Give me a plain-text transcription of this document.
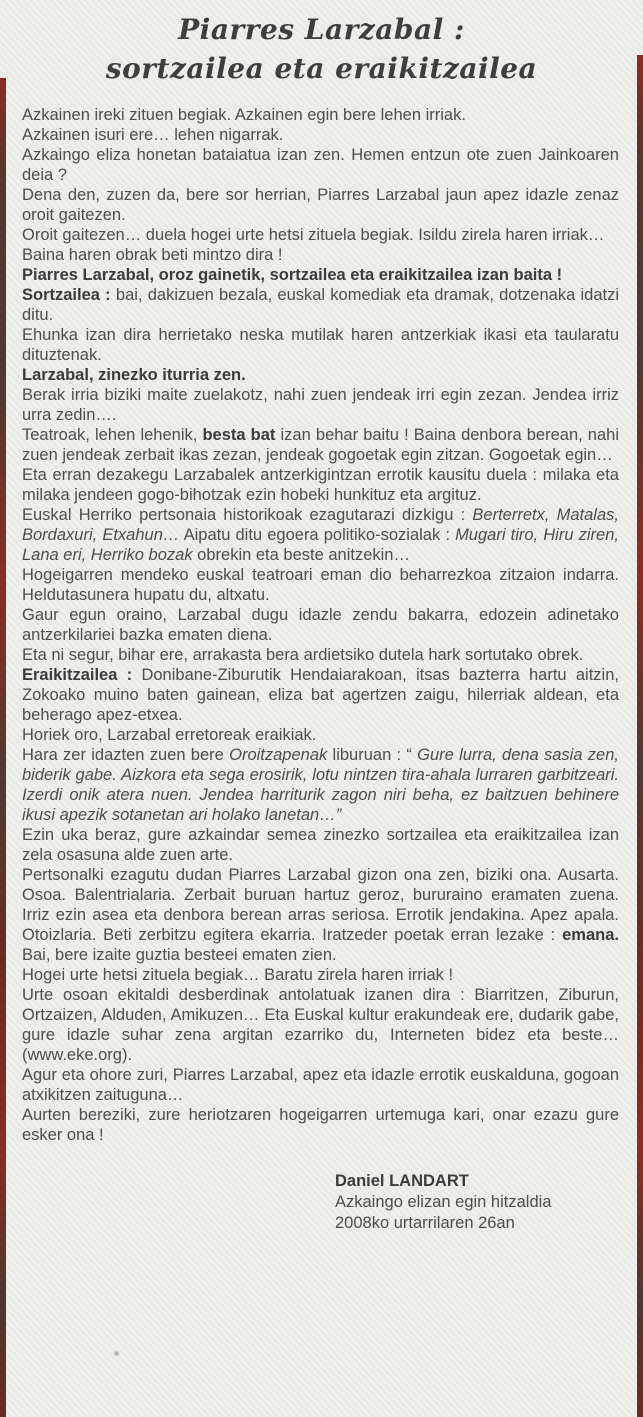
Piarres Larzabal :
sortzailea eta eraikitzailea

Azkainen ireki zituen begiak. Azkainen egin bere lehen irriak.

Azkainen isuri ere… lehen nigarrak.

Azkaingo eliza honetan bataiatua izan zen. Hemen entzun ote zuen Jainkoaren deia ?

Dena den, zuzen da, bere sor herrian, Piarres Larzabal jaun apez idazle zenaz oroit gaitezen.

Oroit gaitezen… duela hogei urte hetsi zituela begiak. Isildu zirela haren irriak…

Baina haren obrak beti mintzo dira !

Piarres Larzabal, oroz gainetik, sortzailea eta eraikitzailea izan baita !

Sortzailea : bai, dakizuen bezala, euskal komediak eta dramak, dotzenaka idatzi ditu.

Ehunka izan dira herrietako neska mutilak haren antzerkiak ikasi eta taularatu dituztenak.

Larzabal, zinezko iturria zen.

Berak irria biziki maite zuelakotz, nahi zuen jendeak irri egin zezan. Jendea irriz urra zedin….

Teatroak, lehen lehenik, besta bat izan behar baitu ! Baina denbora berean, nahi zuen jendeak zerbait ikas zezan, jendeak gogoetak egin zitzan. Gogoetak egin…

Eta erran dezakegu Larzabalek antzerkigintzan errotik kausitu duela : milaka eta milaka jendeen gogo-bihotzak ezin hobeki hunkituz eta argituz.

Euskal Herriko pertsonaia historikoak ezagutarazi dizkigu : Berterretx, Matalas, Bordaxuri, Etxahun… Aipatu ditu egoera politiko-sozialak : Mugari tiro, Hiru ziren, Lana eri, Herriko bozak obrekin eta beste anitzekin…

Hogeigarren mendeko euskal teatroari eman dio beharrezkoa zitzaion indarra. Heldutasunera hupatu du, altxatu.

Gaur egun oraino, Larzabal dugu idazle zendu bakarra, edozein adinetako antzerkilariei bazka ematen diena.

Eta ni segur, bihar ere, arrakasta bera ardietsiko dutela hark sortutako obrek.

Eraikitzailea : Donibane-Ziburutik Hendaiarakoan, itsas bazterra hartu aitzin, Zokoako muino baten gainean, eliza bat agertzen zaigu, hilerriak aldean, eta beherago apez-etxea.

Horiek oro, Larzabal erretoreak eraikiak.

Hara zer idazten zuen bere Oroitzapenak liburuan : “ Gure lurra, dena sasia zen, biderik gabe. Aizkora eta sega erosirik, lotu nintzen tira-ahala lurraren garbitzeari. Izerdi onik atera nuen. Jendea harriturik zagon niri beha, ez baitzuen behinere ikusi apezik sotanetan ari holako lanetan…”

Ezin uka beraz, gure azkaindar semea zinezko sortzailea eta eraikitzailea izan zela osasuna alde zuen arte.

Pertsonalki ezagutu dudan Piarres Larzabal gizon ona zen, biziki ona. Ausarta. Osoa. Balentrialaria. Zerbait buruan hartuz geroz, bururaino eramaten zuena. Irriz ezin asea eta denbora berean arras seriosa. Errotik jendakina. Apez apala. Otoizlaria. Beti zerbitzu egitera ekarria. Iratzeder poetak erran lezake : emana. Bai, bere izaite guztia besteei ematen zien.

Hogei urte hetsi zituela begiak… Baratu zirela haren irriak !

Urte osoan ekitaldi desberdinak antolatuak izanen dira : Biarritzen, Ziburun, Ortzaizen, Alduden, Amikuzen… Eta Euskal kultur erakundeak ere, dudarik gabe, gure idazle suhar zena argitan ezarriko du, Interneten bidez eta beste… (www.eke.org).

Agur eta ohore zuri, Piarres Larzabal, apez eta idazle errotik euskalduna, gogoan atxikitzen zaituguna…

Aurten bereziki, zure heriotzaren hogeigarren urtemuga kari, onar ezazu gure esker ona !

Daniel LANDART
Azkaingo elizan egin hitzaldia
2008ko urtarrilaren 26an
